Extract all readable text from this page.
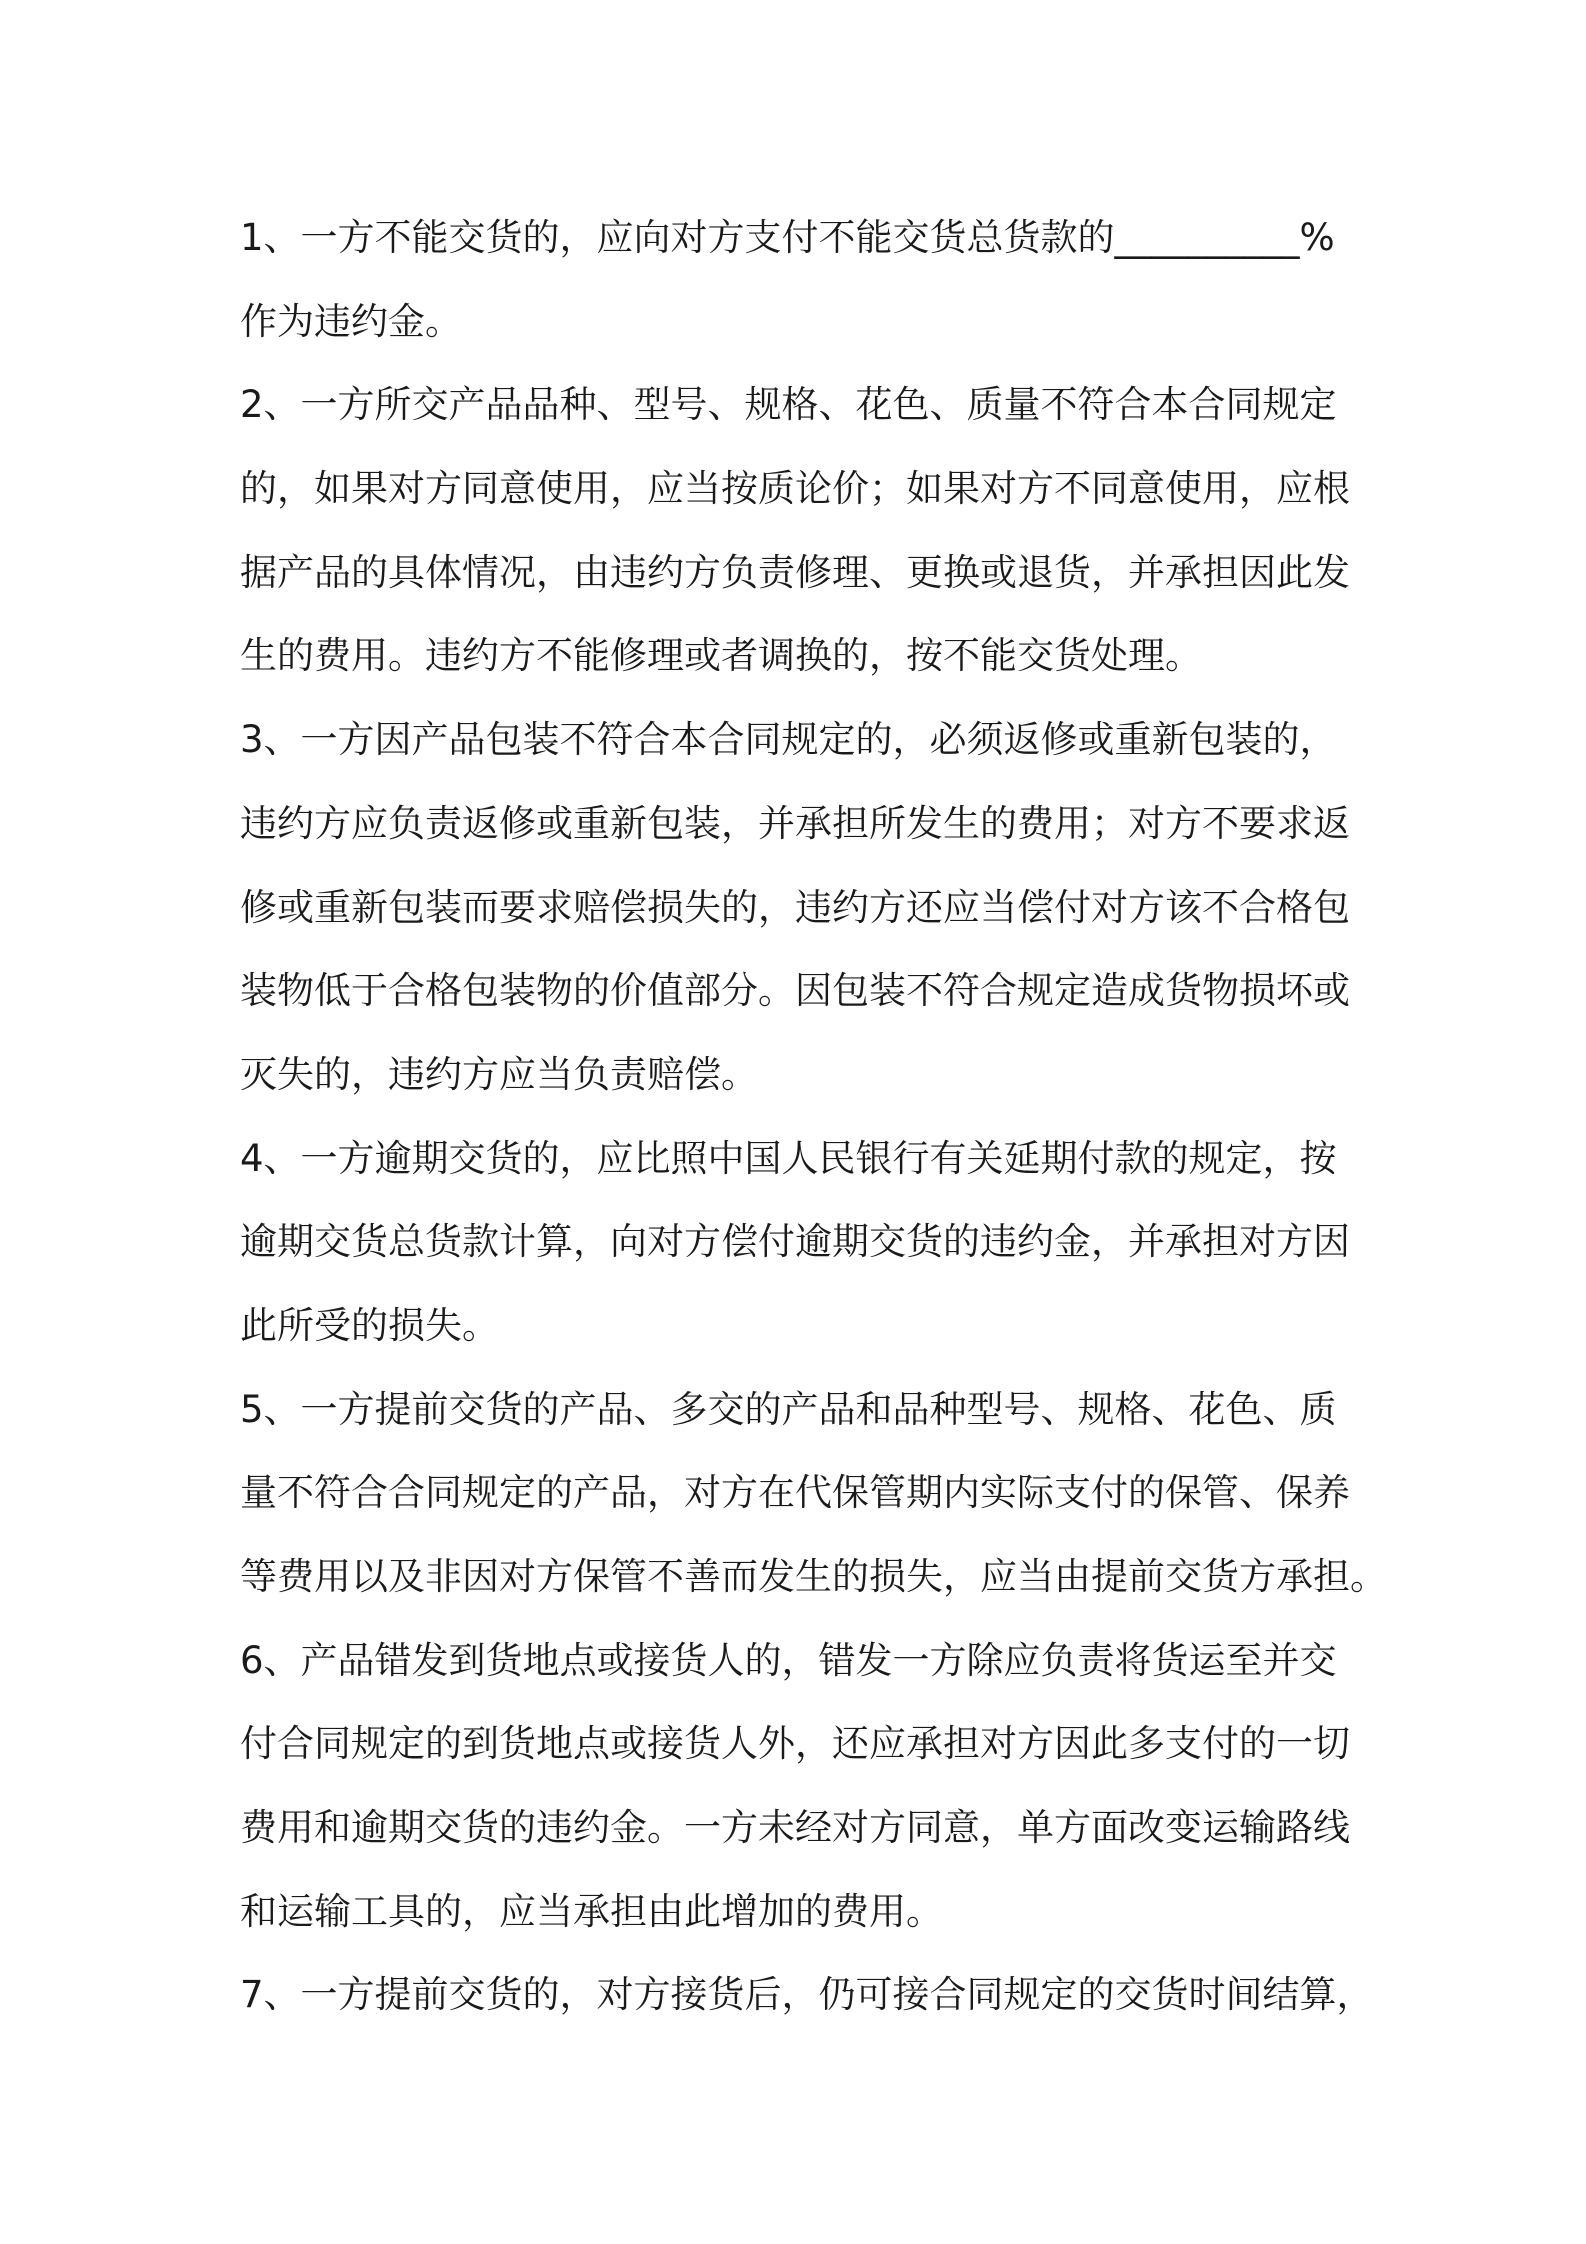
1、一方不能交货的，应向对方支付不能交货总货款的__________%
作为违约金。
2、一方所交产品品种、型号、规格、花色、质量不符合本合同规定
的，如果对方同意使用，应当按质论价；如果对方不同意使用，应根
据产品的具体情况，由违约方负责修理、更换或退货，并承担因此发
生的费用。违约方不能修理或者调换的，按不能交货处理。
3、一方因产品包装不符合本合同规定的，必须返修或重新包装的，
违约方应负责返修或重新包装，并承担所发生的费用；对方不要求返
修或重新包装而要求赔偿损失的，违约方还应当偿付对方该不合格包
装物低于合格包装物的价值部分。因包装不符合规定造成货物损坏或
灭失的，违约方应当负责赔偿。
4、一方逾期交货的，应比照中国人民银行有关延期付款的规定，按
逾期交货总货款计算，向对方偿付逾期交货的违约金，并承担对方因
此所受的损失。
5、一方提前交货的产品、多交的产品和品种型号、规格、花色、质
量不符合合同规定的产品，对方在代保管期内实际支付的保管、保养
等费用以及非因对方保管不善而发生的损失，应当由提前交货方承担。
6、产品错发到货地点或接货人的，错发一方除应负责将货运至并交
付合同规定的到货地点或接货人外，还应承担对方因此多支付的一切
费用和逾期交货的违约金。一方未经对方同意，单方面改变运输路线
和运输工具的，应当承担由此增加的费用。
7、一方提前交货的，对方接货后，仍可接合同规定的交货时间结算，
